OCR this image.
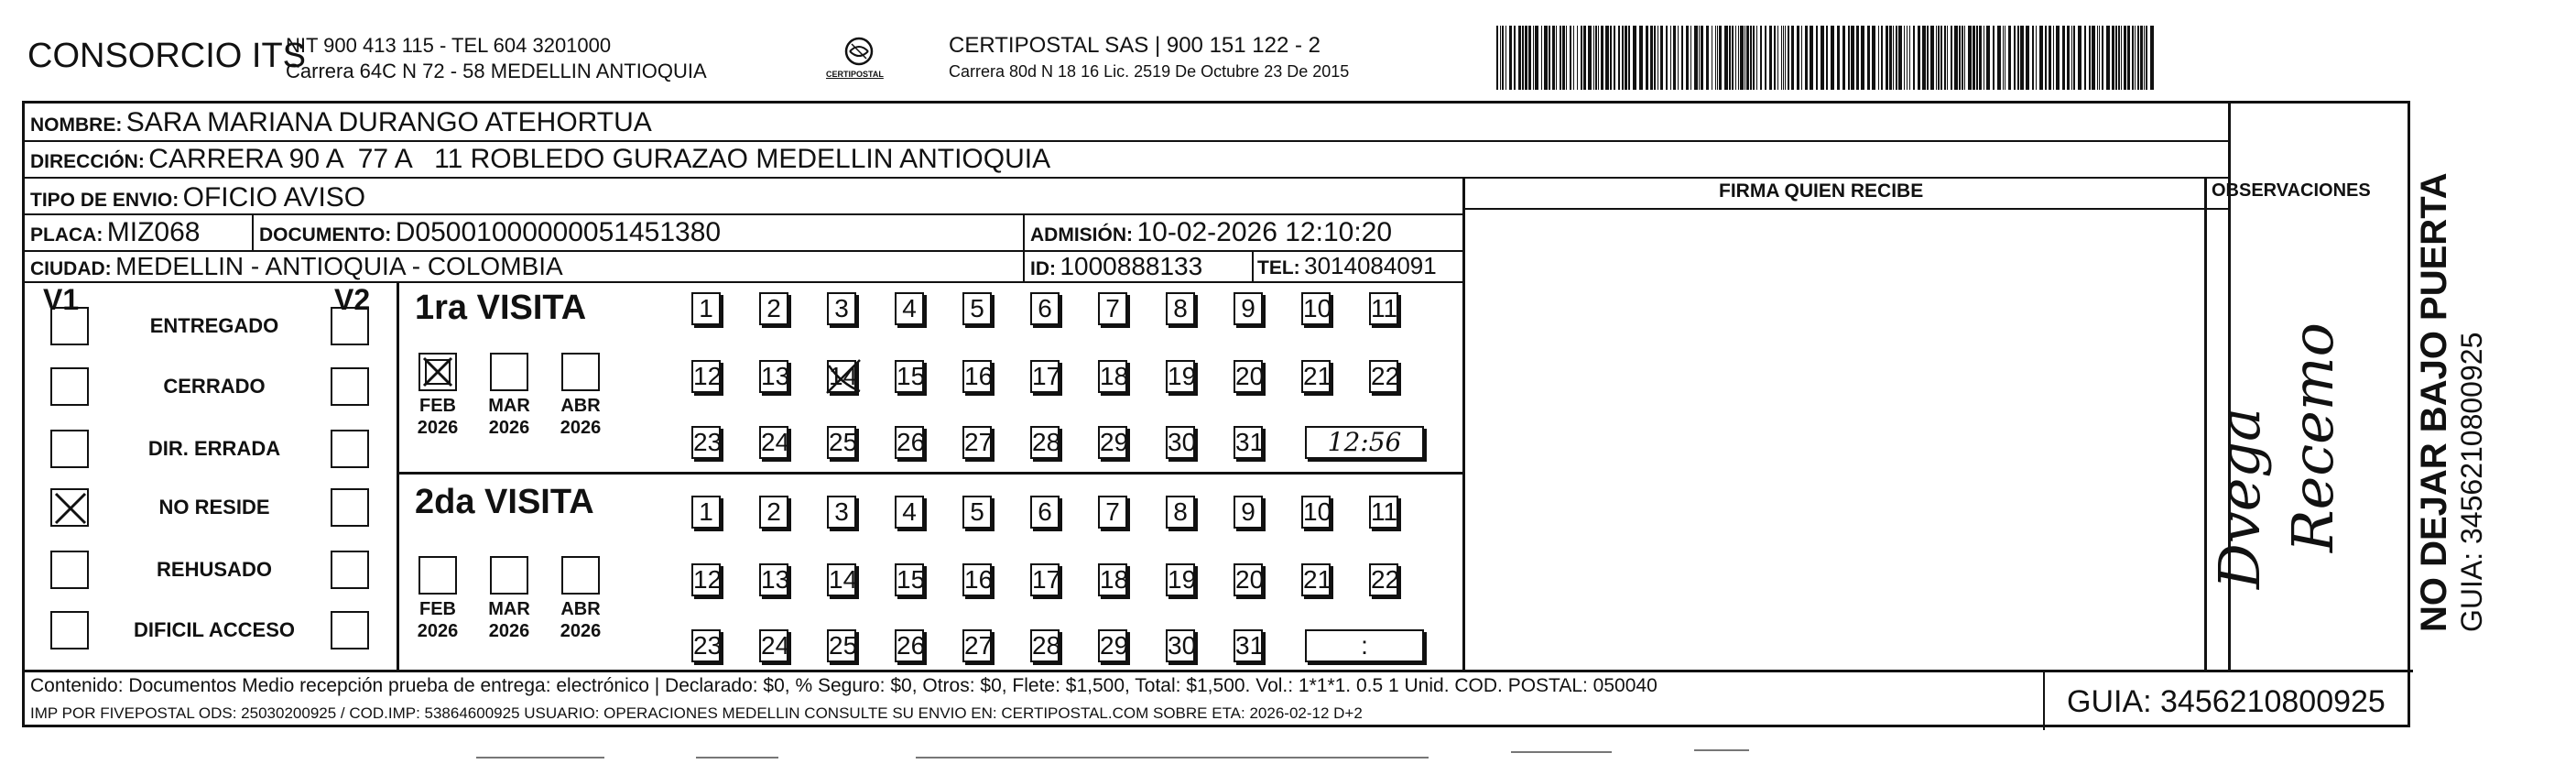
CONSORCIO ITS
NIT 900 413 115 - TEL 604 3201000
Carrera 64C N 72 - 58 MEDELLIN ANTIOQUIA	CERTIPOSTAL
CERTIPOSTAL SAS | 900 151 122 - 2
Carrera 80d N 18 16 Lic. 2519 De Octubre 23 De 2015
NOMBRE: SARA MARIANA DURANGO ATEHORTUA
DIRECCIÓN: CARRERA 90 A  77 A   11 ROBLEDO GURAZAO MEDELLIN ANTIOQUIA
TIPO DE ENVIO: OFICIO AVISO	FIRMA QUIEN RECIBE	OBSERVACIONES
PLACA: MIZ068	DOCUMENTO: D05001000000051451380	ADMISIÓN: 10-02-2026 12:10:20
CIUDAD: MEDELLIN - ANTIOQUIA - COLOMBIA	ID: 1000888133	TEL: 3014084091
V1	V2
ENTREGADO
CERRADO
DIR. ERRADA
NO RESIDE
REHUSADO
DIFICIL ACCESO
1ra VISITA	1 2 3 4 5 6 7 8 9 10 11
12 13 14 15 16 17 18 19 20 21 22
23 24 25 26 27 28 29 30 31	12:56
FEB
2026
MAR
2026
ABR
2026
2da VISITA	1 2 3 4 5 6 7 8 9 10 11
12 13 14 15 16 17 18 19 20 21 22
23 24 25 26 27 28 29 30 31	:
FEB
2026
MAR
2026
ABR
2026
Dvega Recemo
Contenido: Documentos Medio recepción prueba de entrega: electrónico | Declarado: $0, % Seguro: $0, Otros: $0, Flete: $1,500, Total: $1,500. Vol.: 1*1*1. 0.5 1 Unid. COD. POSTAL: 050040
IMP POR FIVEPOSTAL ODS: 25030200925 / COD.IMP: 53864600925 USUARIO: OPERACIONES MEDELLIN CONSULTE SU ENVIO EN: CERTIPOSTAL.COM SOBRE ETA: 2026-02-12 D+2	GUIA: 3456210800925
NO DEJAR BAJO PUERTA GUIA: 3456210800925
